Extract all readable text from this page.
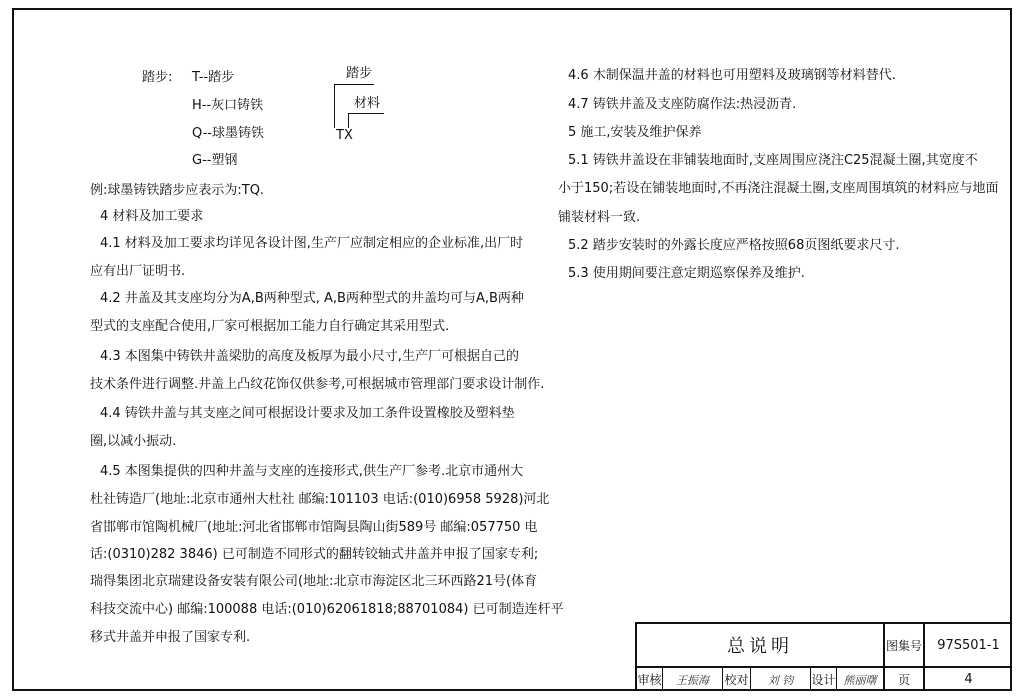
踏步: T--踏步
H--灰口铸铁
Q--球墨铸铁
G--塑钢
踏步
材料
TX
例:球墨铸铁踏步应表示为:TQ.
4 材料及加工要求
4.1 材料及加工要求均详见各设计图,生产厂应制定相应的企业标准,出厂时
应有出厂证明书.
4.2 井盖及其支座均分为A,B两种型式, A,B两种型式的井盖均可与A,B两种
型式的支座配合使用,厂家可根据加工能力自行确定其采用型式.
4.3 本图集中铸铁井盖梁肋的高度及板厚为最小尺寸,生产厂可根据自己的
技术条件进行调整.井盖上凸纹花饰仅供参考,可根据城市管理部门要求设计制作.
4.4 铸铁井盖与其支座之间可根据设计要求及加工条件设置橡胶及塑料垫
圈,以减小振动.
4.5 本图集提供的四种井盖与支座的连接形式,供生产厂参考.北京市通州大
杜社铸造厂(地址:北京市通州大杜社 邮编:101103 电话:(010)6958 5928)河北
省邯郸市馆陶机械厂(地址:河北省邯郸市馆陶县陶山街589号 邮编:057750 电
话:(0310)282 3846) 已可制造不同形式的翻转铰轴式井盖并申报了国家专利;
瑞得集团北京瑞建设备安装有限公司(地址:北京市海淀区北三环西路21号(体育
科技交流中心) 邮编:100088 电话:(010)62061818;88701084) 已可制造连杆平
移式井盖并申报了国家专利.
4.6 木制保温井盖的材料也可用塑料及玻璃钢等材料替代.
4.7 铸铁井盖及支座防腐作法:热浸沥青.
5 施工,安装及维护保养
5.1 铸铁井盖设在非铺装地面时,支座周围应浇注C25混凝土圈,其宽度不
小于150;若设在铺装地面时,不再浇注混凝土圈,支座周围填筑的材料应与地面
铺装材料一致.
5.2 踏步安装时的外露长度应严格按照68页图纸要求尺寸.
5.3 使用期间要注意定期巡察保养及维护.
总说明	图集号	97S501-1
审核	王振海	校对	刘 钧	设计 熊丽曙	页	4
